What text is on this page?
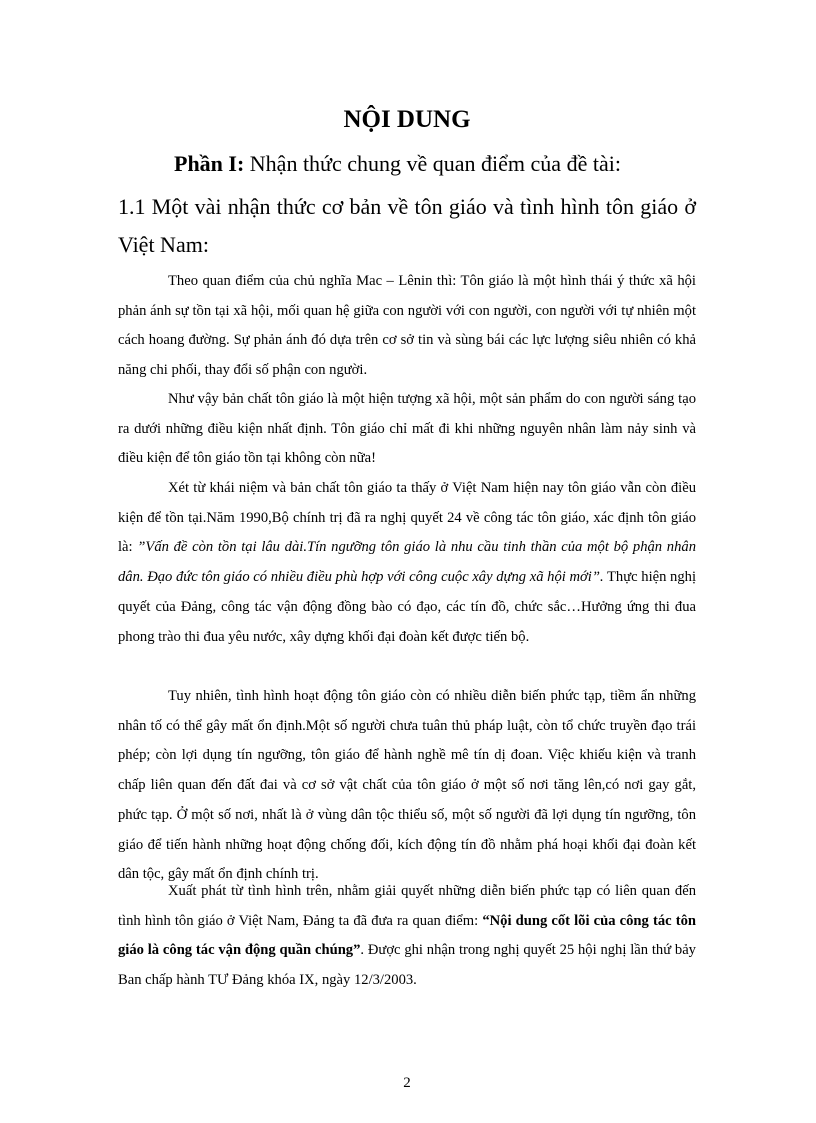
NỘI DUNG

Phần I: Nhận thức chung về quan điểm của đề tài:

1.1 Một vài nhận thức cơ bản về tôn giáo và tình hình tôn giáo ở Việt Nam:

Theo quan điểm của chủ nghĩa Mac – Lênin thì: Tôn giáo là một hình thái ý thức xã hội phản ánh sự tồn tại xã hội, mối quan hệ giữa con người với con người, con người với tự nhiên một cách hoang đường. Sự phản ánh đó dựa trên cơ sở tin và sùng bái các lực lượng siêu nhiên có khả năng chi phối, thay đổi số phận con người.

Như vậy bản chất tôn giáo là một hiện tượng xã hội, một sản phẩm do con người sáng tạo ra dưới những điều kiện nhất định. Tôn giáo chỉ mất đi khi những nguyên nhân làm nảy sinh và điều kiện để tôn giáo tồn tại không còn nữa!

Xét từ khái niệm và bản chất tôn giáo ta thấy ở Việt Nam hiện nay tôn giáo vẫn còn điều kiện để tồn tại.Năm 1990,Bộ chính trị đã ra nghị quyết 24 về công tác tôn giáo, xác định tôn giáo là: ”Vấn đề còn tồn tại lâu dài.Tín ngưỡng tôn giáo là nhu cầu tinh thần của một bộ phận nhân dân. Đạo đức tôn giáo có nhiều điều phù hợp với công cuộc xây dựng xã hội mới”. Thực hiện nghị quyết của Đảng, công tác vận động đồng bào có đạo, các tín đồ, chức sắc…Hưởng ứng thi đua phong trào thi đua yêu nước, xây dựng khối đại đoàn kết được tiến bộ.

Tuy nhiên, tình hình hoạt động tôn giáo còn có nhiều diễn biến phức tạp, tiềm ẩn những nhân tố có thể gây mất ổn định.Một số người chưa tuân thủ pháp luật, còn tổ chức truyền đạo trái phép; còn lợi dụng tín ngưỡng, tôn giáo để hành nghề mê tín dị đoan. Việc khiếu kiện và tranh chấp liên quan đến đất đai và cơ sở vật chất của tôn giáo ở một số nơi tăng lên,có nơi gay gắt, phức tạp. Ở một số nơi, nhất là ở vùng dân tộc thiểu số, một số người đã lợi dụng tín ngưỡng, tôn giáo để tiến hành những hoạt động chống đối, kích động tín đồ nhằm phá hoại khối đại đoàn kết dân tộc, gây mất ổn định chính trị.

Xuất phát từ tình hình trên, nhằm giải quyết những diễn biến phức tạp có liên quan đến tình hình tôn giáo ở Việt Nam, Đảng ta đã đưa ra quan điểm: “Nội dung cốt lõi của công tác tôn giáo là công tác vận động quần chúng”. Được ghi nhận trong nghị quyết 25 hội nghị lần thứ bảy Ban chấp hành TƯ Đảng khóa IX, ngày 12/3/2003.

2
